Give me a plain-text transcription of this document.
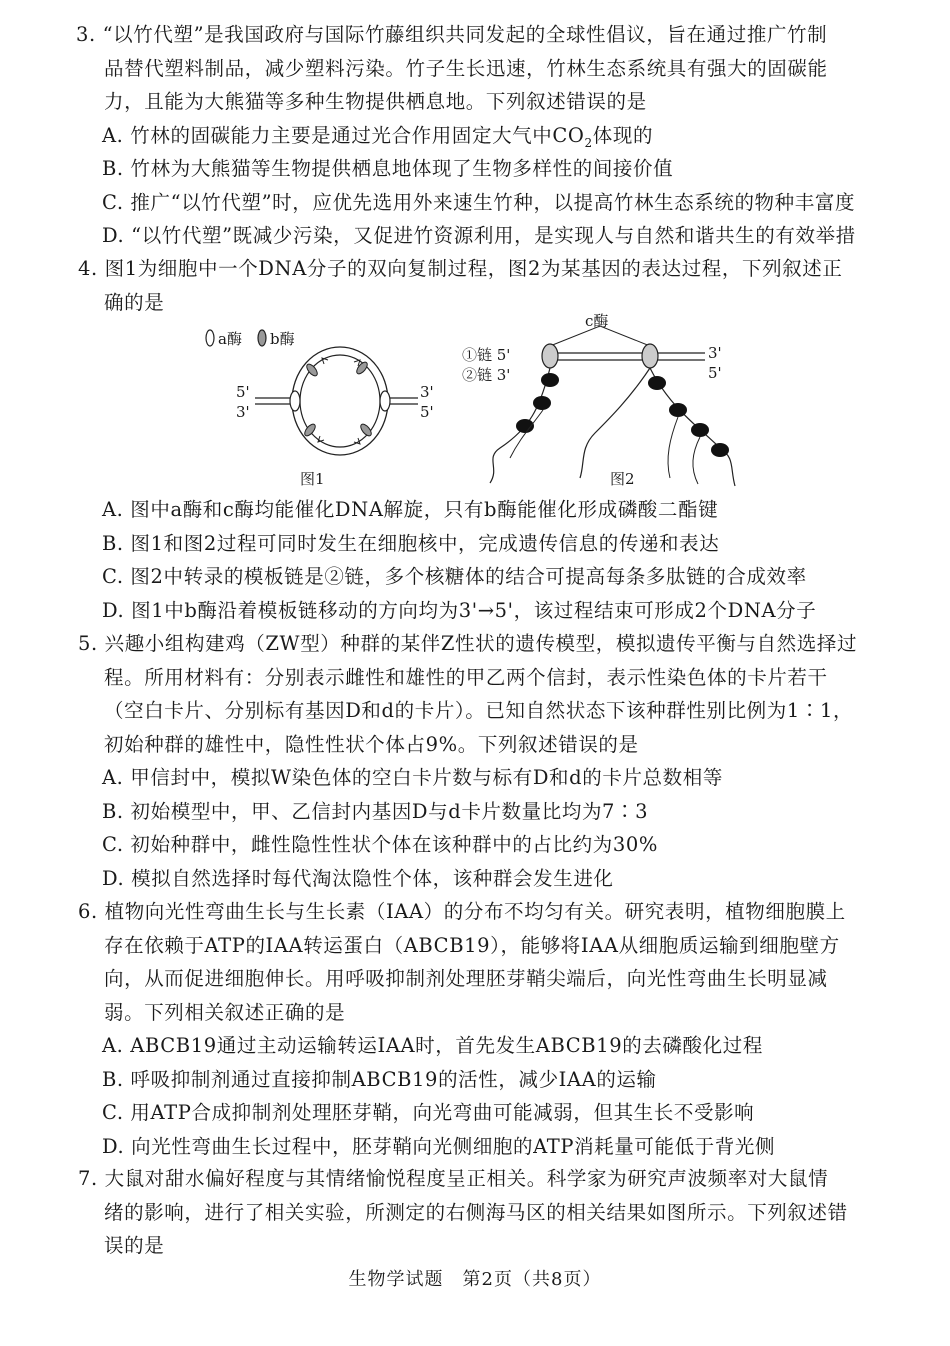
3. “以竹代塑”是我国政府与国际竹藤组织共同发起的全球性倡议，旨在通过推广竹制
品替代塑料制品，减少塑料污染。竹子生长迅速，竹林生态系统具有强大的固碳能
力，且能为大熊猫等多种生物提供栖息地。下列叙述错误的是
A. 竹林的固碳能力主要是通过光合作用固定大气中$CO_2$体现的
B. 竹林为大熊猫等生物提供栖息地体现了生物多样性的间接价值
C. 推广“以竹代塑”时，应优先选用外来速生竹种，以提高竹林生态系统的物种丰富度
D. “以竹代塑”既减少污染，又促进竹资源利用，是实现人与自然和谐共生的有效举措
4. 图1为细胞中一个DNA分子的双向复制过程，图2为某基因的表达过程，下列叙述正
确的是
a酶 b酶
5'
3'
3'
5'
图1
c酶
①链 5'
②链 3'
3'
5'
图2
A. 图中a酶和c酶均能催化DNA解旋，只有b酶能催化形成磷酸二酯键
B. 图1和图2过程可同时发生在细胞核中，完成遗传信息的传递和表达
C. 图2中转录的模板链是②链，多个核糖体的结合可提高每条多肽链的合成效率
D. 图1中b酶沿着模板链移动的方向均为3'→5'，该过程结束可形成2个DNA分子
5. 兴趣小组构建鸡（ZW型）种群的某伴Z性状的遗传模型，模拟遗传平衡与自然选择过
程。所用材料有：分别表示雌性和雄性的甲乙两个信封，表示性染色体的卡片若干
（空白卡片、分别标有基因D和d的卡片）。已知自然状态下该种群性别比例为1∶1，
初始种群的雄性中，隐性性状个体占9%。下列叙述错误的是
A. 甲信封中，模拟W染色体的空白卡片数与标有D和d的卡片总数相等
B. 初始模型中，甲、乙信封内基因D与d卡片数量比均为7∶3
C. 初始种群中，雌性隐性性状个体在该种群中的占比约为30%
D. 模拟自然选择时每代淘汰隐性个体，该种群会发生进化
6. 植物向光性弯曲生长与生长素（IAA）的分布不均匀有关。研究表明，植物细胞膜上
存在依赖于ATP的IAA转运蛋白（ABCB19），能够将IAA从细胞质运输到细胞壁方
向，从而促进细胞伸长。用呼吸抑制剂处理胚芽鞘尖端后，向光性弯曲生长明显减
弱。下列相关叙述正确的是
A. ABCB19通过主动运输转运IAA时，首先发生ABCB19的去磷酸化过程
B. 呼吸抑制剂通过直接抑制ABCB19的活性，减少IAA的运输
C. 用ATP合成抑制剂处理胚芽鞘，向光弯曲可能减弱，但其生长不受影响
D. 向光性弯曲生长过程中，胚芽鞘向光侧细胞的ATP消耗量可能低于背光侧
7. 大鼠对甜水偏好程度与其情绪愉悦程度呈正相关。科学家为研究声波频率对大鼠情
绪的影响，进行了相关实验，所测定的右侧海马区的相关结果如图所示。下列叙述错
误的是
生物学试题　第2页（共8页）
